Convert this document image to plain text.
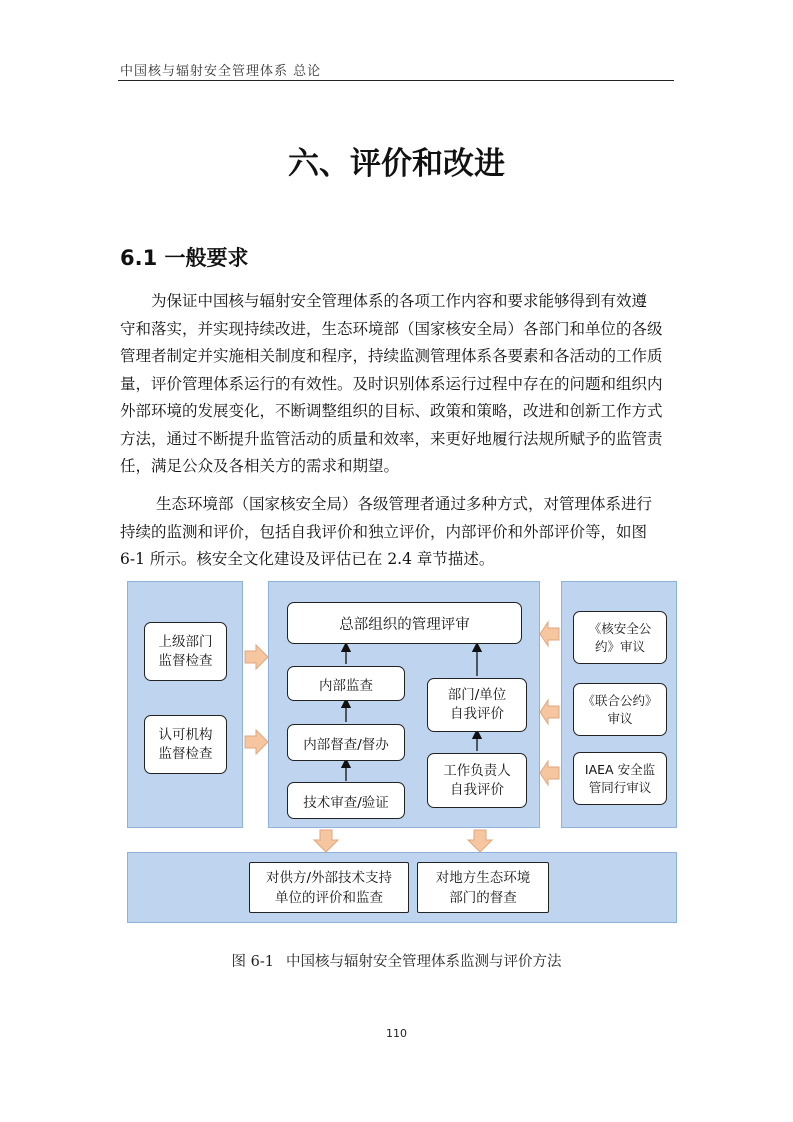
中国核与辐射安全管理体系 总论
六、评价和改进
6.1 一般要求
为保证中国核与辐射安全管理体系的各项工作内容和要求能够得到有效遵
守和落实，并实现持续改进，生态环境部（国家核安全局）各部门和单位的各级
管理者制定并实施相关制度和程序，持续监测管理体系各要素和各活动的工作质
量，评价管理体系运行的有效性。及时识别体系运行过程中存在的问题和组织内
外部环境的发展变化，不断调整组织的目标、政策和策略，改进和创新工作方式
方法，通过不断提升监管活动的质量和效率，来更好地履行法规所赋予的监管责
任，满足公众及各相关方的需求和期望。
生态环境部（国家核安全局）各级管理者通过多种方式，对管理体系进行
持续的监测和评价，包括自我评价和独立评价，内部评价和外部评价等，如图
6-1 所示。核安全文化建设及评估已在 2.4 章节描述。
总部组织的管理评审
内部监查
内部督查/督办
技术审查/验证
部门/单位
自我评价
工作负责人
自我评价
上级部门
监督检查
认可机构
监督检查
《核安全公
约》审议
《联合公约》
审议
IAEA 安全监
管同行审议
对供方/外部技术支持
单位的评价和监查
对地方生态环境
部门的督查
图 6-1 中国核与辐射安全管理体系监测与评价方法
110
